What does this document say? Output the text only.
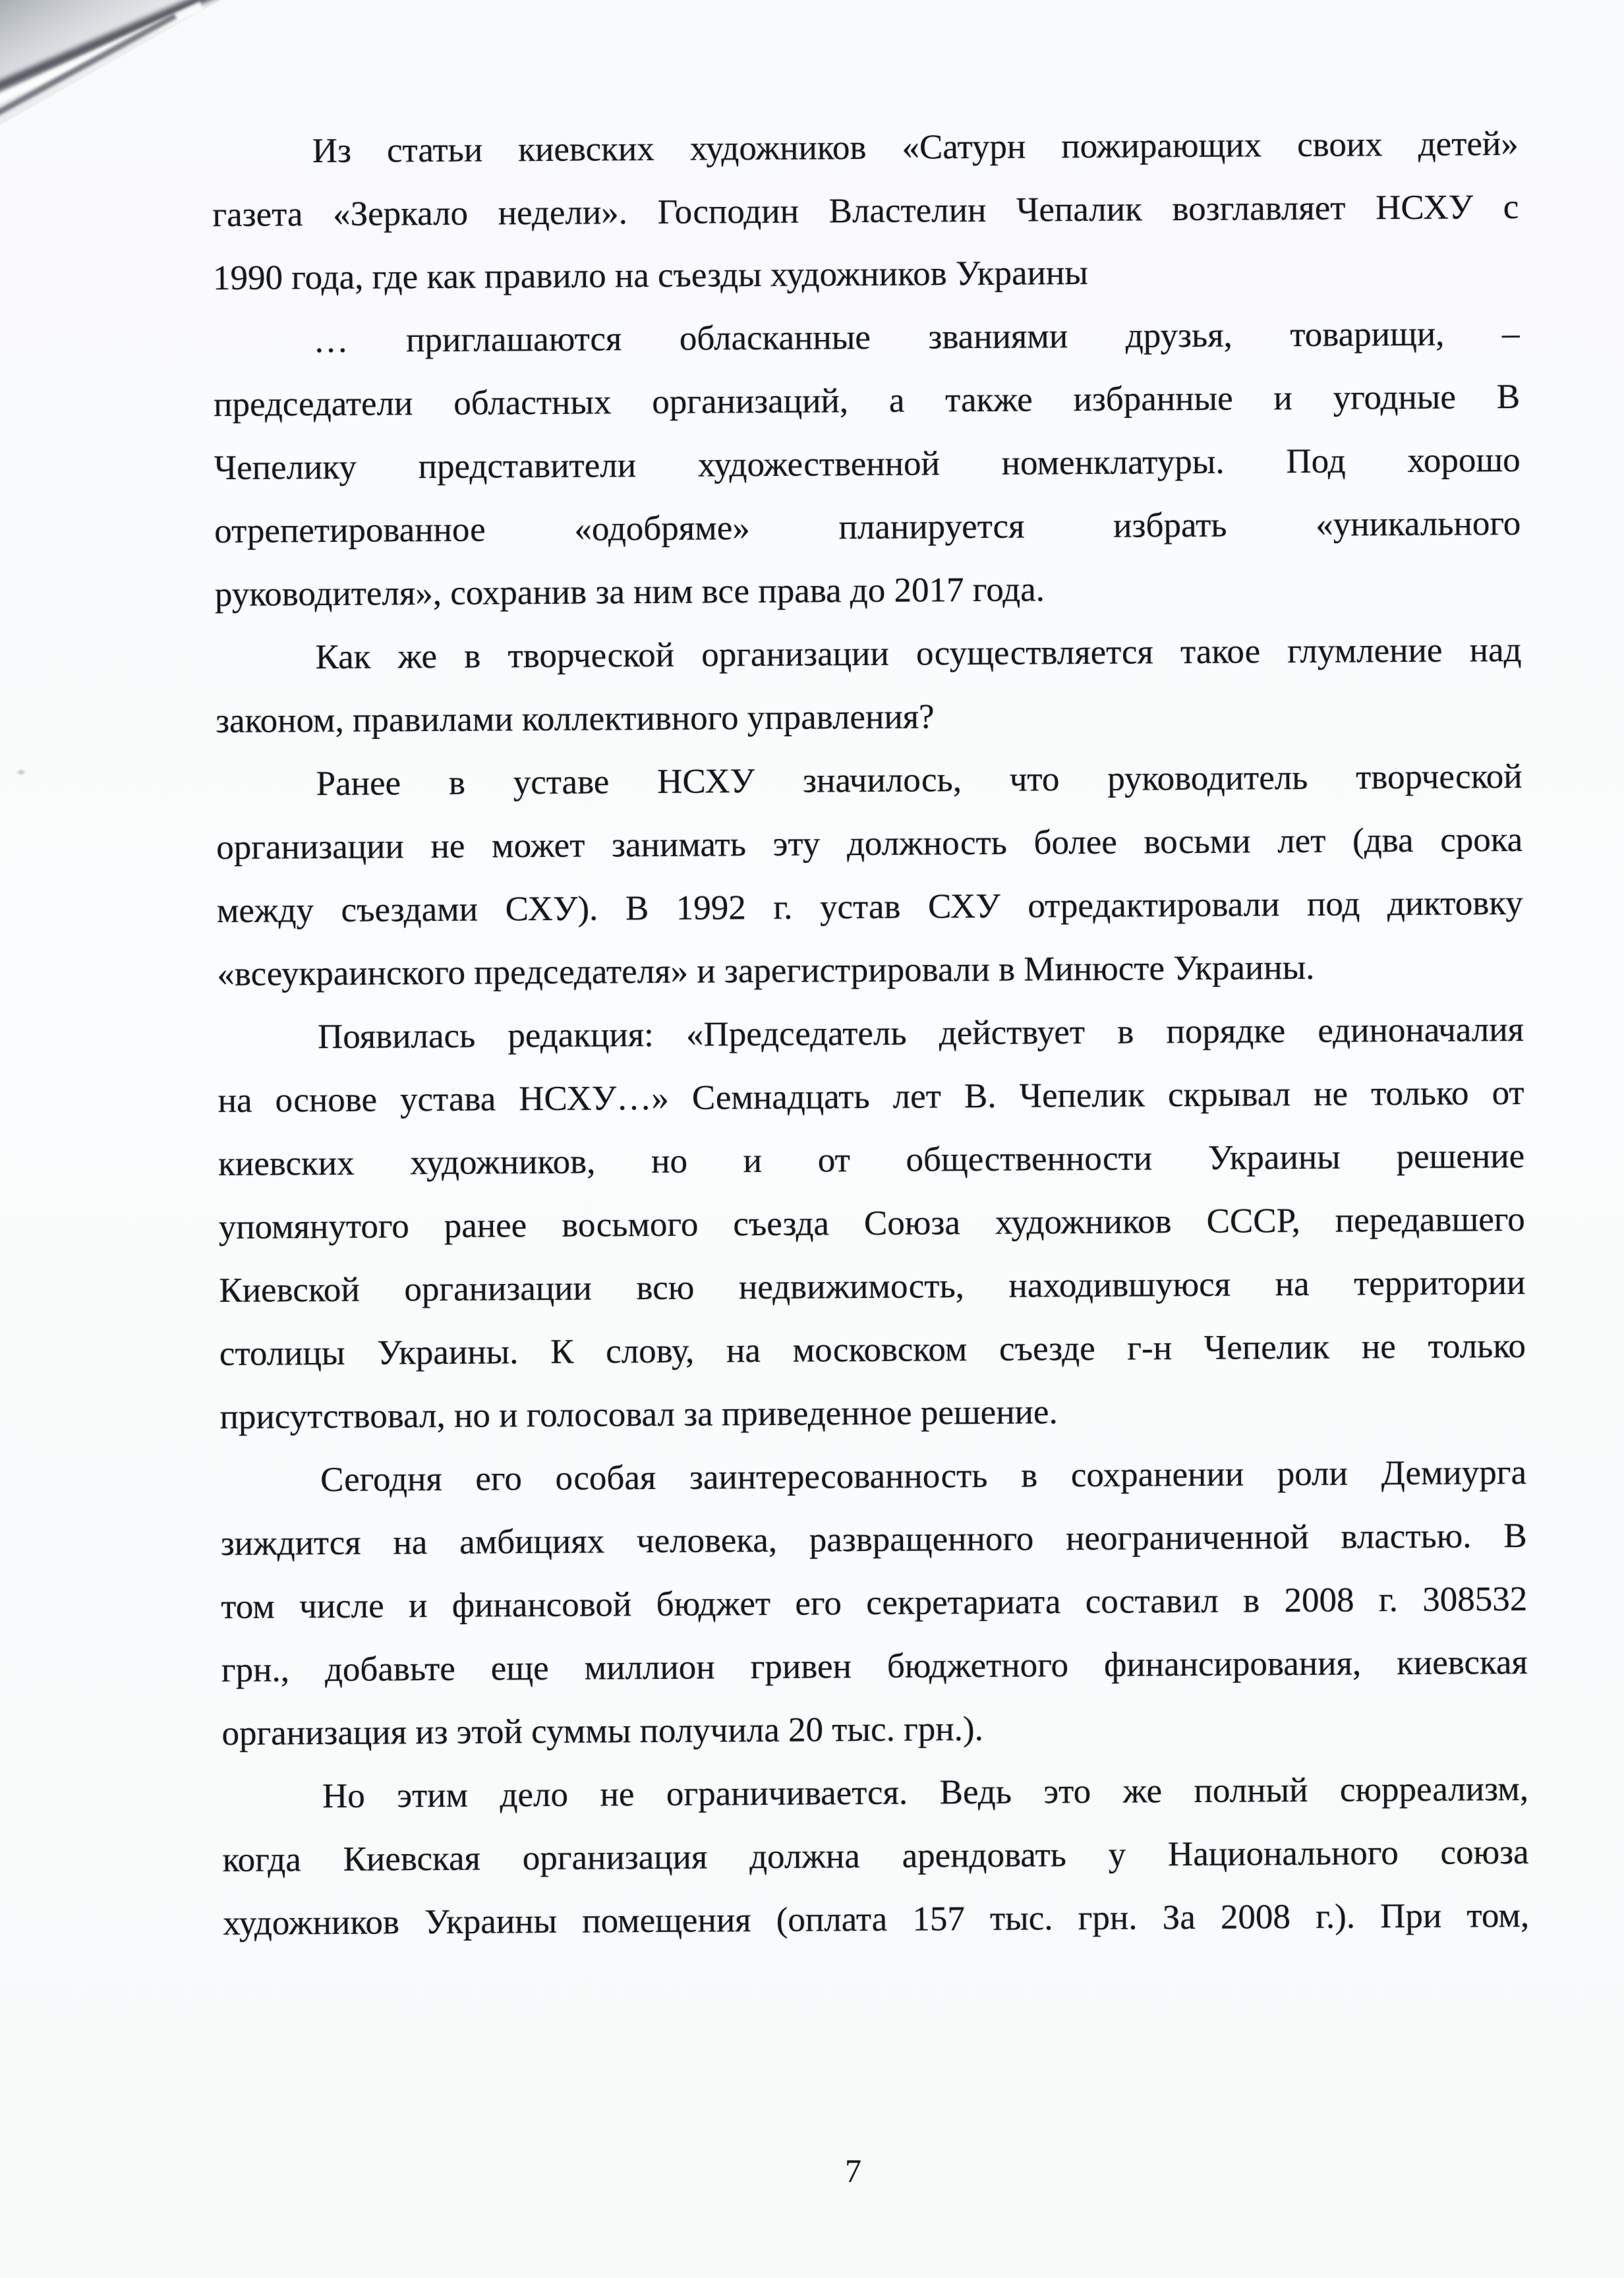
Из статьи киевских художников «Сатурн пожирающих своих детей»
газета «Зеркало недели». Господин Властелин Чепалик возглавляет НСХУ с
1990 года, где как правило на съезды художников Украины
… приглашаются обласканные званиями друзья, товарищи, –
председатели областных организаций, а также избранные и угодные В
Чепелику представители художественной номенклатуры. Под хорошо
отрепетированное «одобряме» планируется избрать «уникального
руководителя», сохранив за ним все права до 2017 года.
Как же в творческой организации осуществляется такое глумление над
законом, правилами коллективного управления?
Ранее в уставе НСХУ значилось, что руководитель творческой
организации не может занимать эту должность более восьми лет (два срока
между съездами СХУ). В 1992 г. устав СХУ отредактировали под диктовку
«всеукраинского председателя» и зарегистрировали в Минюсте Украины.
Появилась редакция: «Председатель действует в порядке единоначалия
на основе устава НСХУ…» Семнадцать лет В. Чепелик скрывал не только от
киевских художников, но и от общественности Украины решение
упомянутого ранее восьмого съезда Союза художников СССР, передавшего
Киевской организации всю недвижимость, находившуюся на территории
столицы Украины. К слову, на московском съезде г-н Чепелик не только
присутствовал, но и голосовал за приведенное решение.
Сегодня его особая заинтересованность в сохранении роли Демиурга
зиждится на амбициях человека, развращенного неограниченной властью. В
том числе и финансовой бюджет его секретариата составил в 2008 г. 308532
грн., добавьте еще миллион гривен бюджетного финансирования, киевская
организация из этой суммы получила 20 тыс. грн.).
Но этим дело не ограничивается. Ведь это же полный сюрреализм,
когда Киевская организация должна арендовать у Национального союза
художников Украины помещения (оплата 157 тыс. грн. За 2008 г.). При том,
7
